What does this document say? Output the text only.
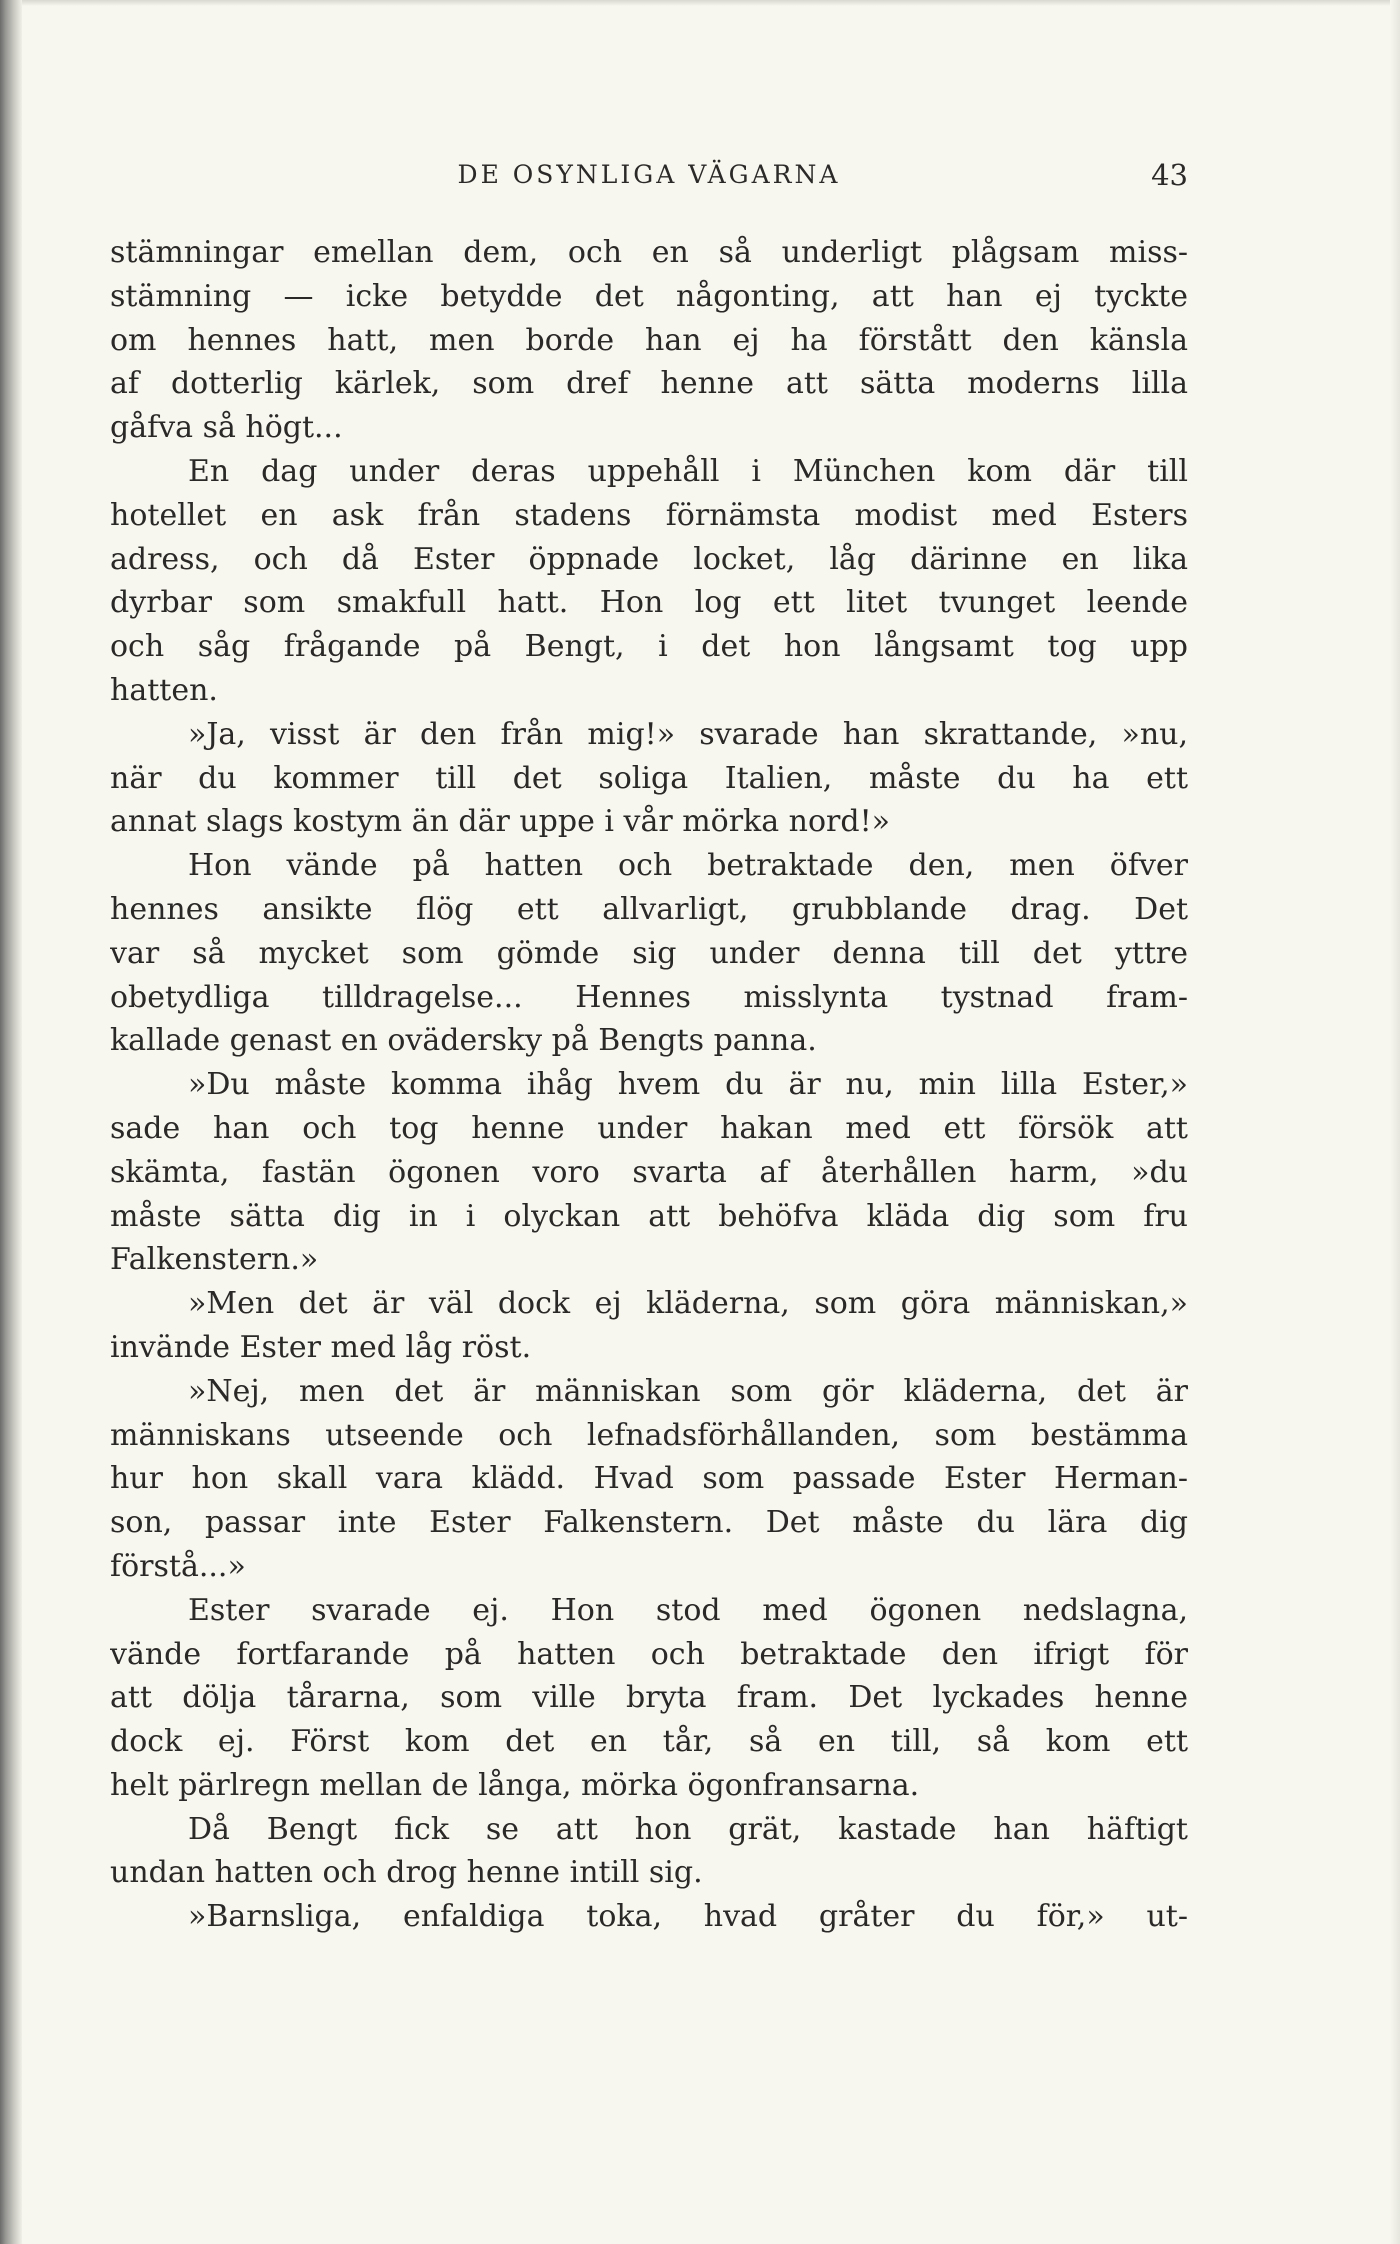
DE OSYNLIGA VÄGARNA	43
stämningar emellan dem, och en så underligt plågsam miss-
stämning — icke betydde det någonting, att han ej tyckte
om hennes hatt, men borde han ej ha förstått den känsla
af dotterlig kärlek, som dref henne att sätta moderns lilla
gåfva så högt...
En dag under deras uppehåll i München kom där till
hotellet en ask från stadens förnämsta modist med Esters
adress, och då Ester öppnade locket, låg därinne en lika
dyrbar som smakfull hatt. Hon log ett litet tvunget leende
och såg frågande på Bengt, i det hon långsamt tog upp
hatten.
»Ja, visst är den från mig!» svarade han skrattande, »nu,
när du kommer till det soliga Italien, måste du ha ett
annat slags kostym än där uppe i vår mörka nord!»
Hon vände på hatten och betraktade den, men öfver
hennes ansikte flög ett allvarligt, grubblande drag. Det
var så mycket som gömde sig under denna till det yttre
obetydliga tilldragelse... Hennes misslynta tystnad fram-
kallade genast en ovädersky på Bengts panna.
»Du måste komma ihåg hvem du är nu, min lilla Ester,»
sade han och tog henne under hakan med ett försök att
skämta, fastän ögonen voro svarta af återhållen harm, »du
måste sätta dig in i olyckan att behöfva kläda dig som fru
Falkenstern.»
»Men det är väl dock ej kläderna, som göra människan,»
invände Ester med låg röst.
»Nej, men det är människan som gör kläderna, det är
människans utseende och lefnadsförhållanden, som bestämma
hur hon skall vara klädd. Hvad som passade Ester Herman-
son, passar inte Ester Falkenstern. Det måste du lära dig
förstå...»
Ester svarade ej. Hon stod med ögonen nedslagna,
vände fortfarande på hatten och betraktade den ifrigt för
att dölja tårarna, som ville bryta fram. Det lyckades henne
dock ej. Först kom det en tår, så en till, så kom ett
helt pärlregn mellan de långa, mörka ögonfransarna.
Då Bengt fick se att hon grät, kastade han häftigt
undan hatten och drog henne intill sig.
»Barnsliga, enfaldiga toka, hvad gråter du för,» ut-
